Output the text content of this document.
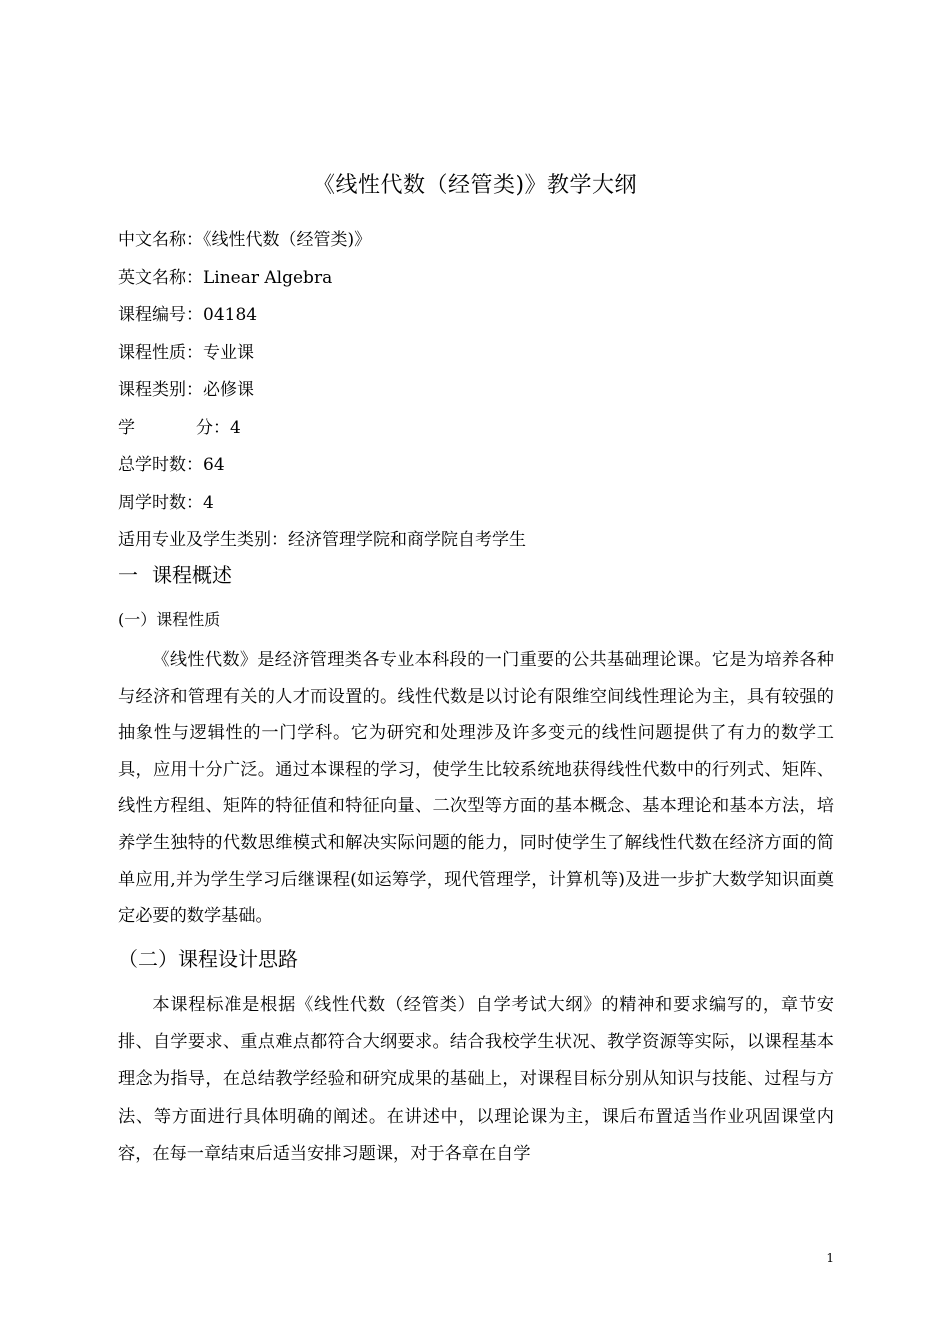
《线性代数（经管类)》教学大纲
中文名称：《线性代数（经管类)》
英文名称：Linear Algebra
课程编号：04184
课程性质：专业课
课程类别：必修课
学	分：4
总学时数：64
周学时数：4
适用专业及学生类别：经济管理学院和商学院自考学生
一 课程概述
(一）课程性质

《线性代数》是经济管理类各专业本科段的一门重要的公共基础理论课。它是为培养各种与经济和管理有关的人才而设置的。线性代数是以讨论有限维空间线性理论为主，具有较强的抽象性与逻辑性的一门学科。它为研究和处理涉及许多变元的线性问题提供了有力的数学工具，应用十分广泛。通过本课程的学习，使学生比较系统地获得线性代数中的行列式、矩阵、线性方程组、矩阵的特征值和特征向量、二次型等方面的基本概念、基本理论和基本方法，培养学生独特的代数思维模式和解决实际问题的能力，同时使学生了解线性代数在经济方面的简单应用,并为学生学习后继课程(如运筹学，现代管理学，计算机等)及进一步扩大数学知识面奠定必要的数学基础。

（二）课程设计思路

本课程标准是根据《线性代数（经管类）自学考试大纲》的精神和要求编写的，章节安排、自学要求、重点难点都符合大纲要求。结合我校学生状况、教学资源等实际，以课程基本理念为指导，在总结教学经验和研究成果的基础上，对课程目标分别从知识与技能、过程与方法、等方面进行具体明确的阐述。在讲述中，以理论课为主，课后布置适当作业巩固课堂内容，在每一章结束后适当安排习题课，对于各章在自学

1
